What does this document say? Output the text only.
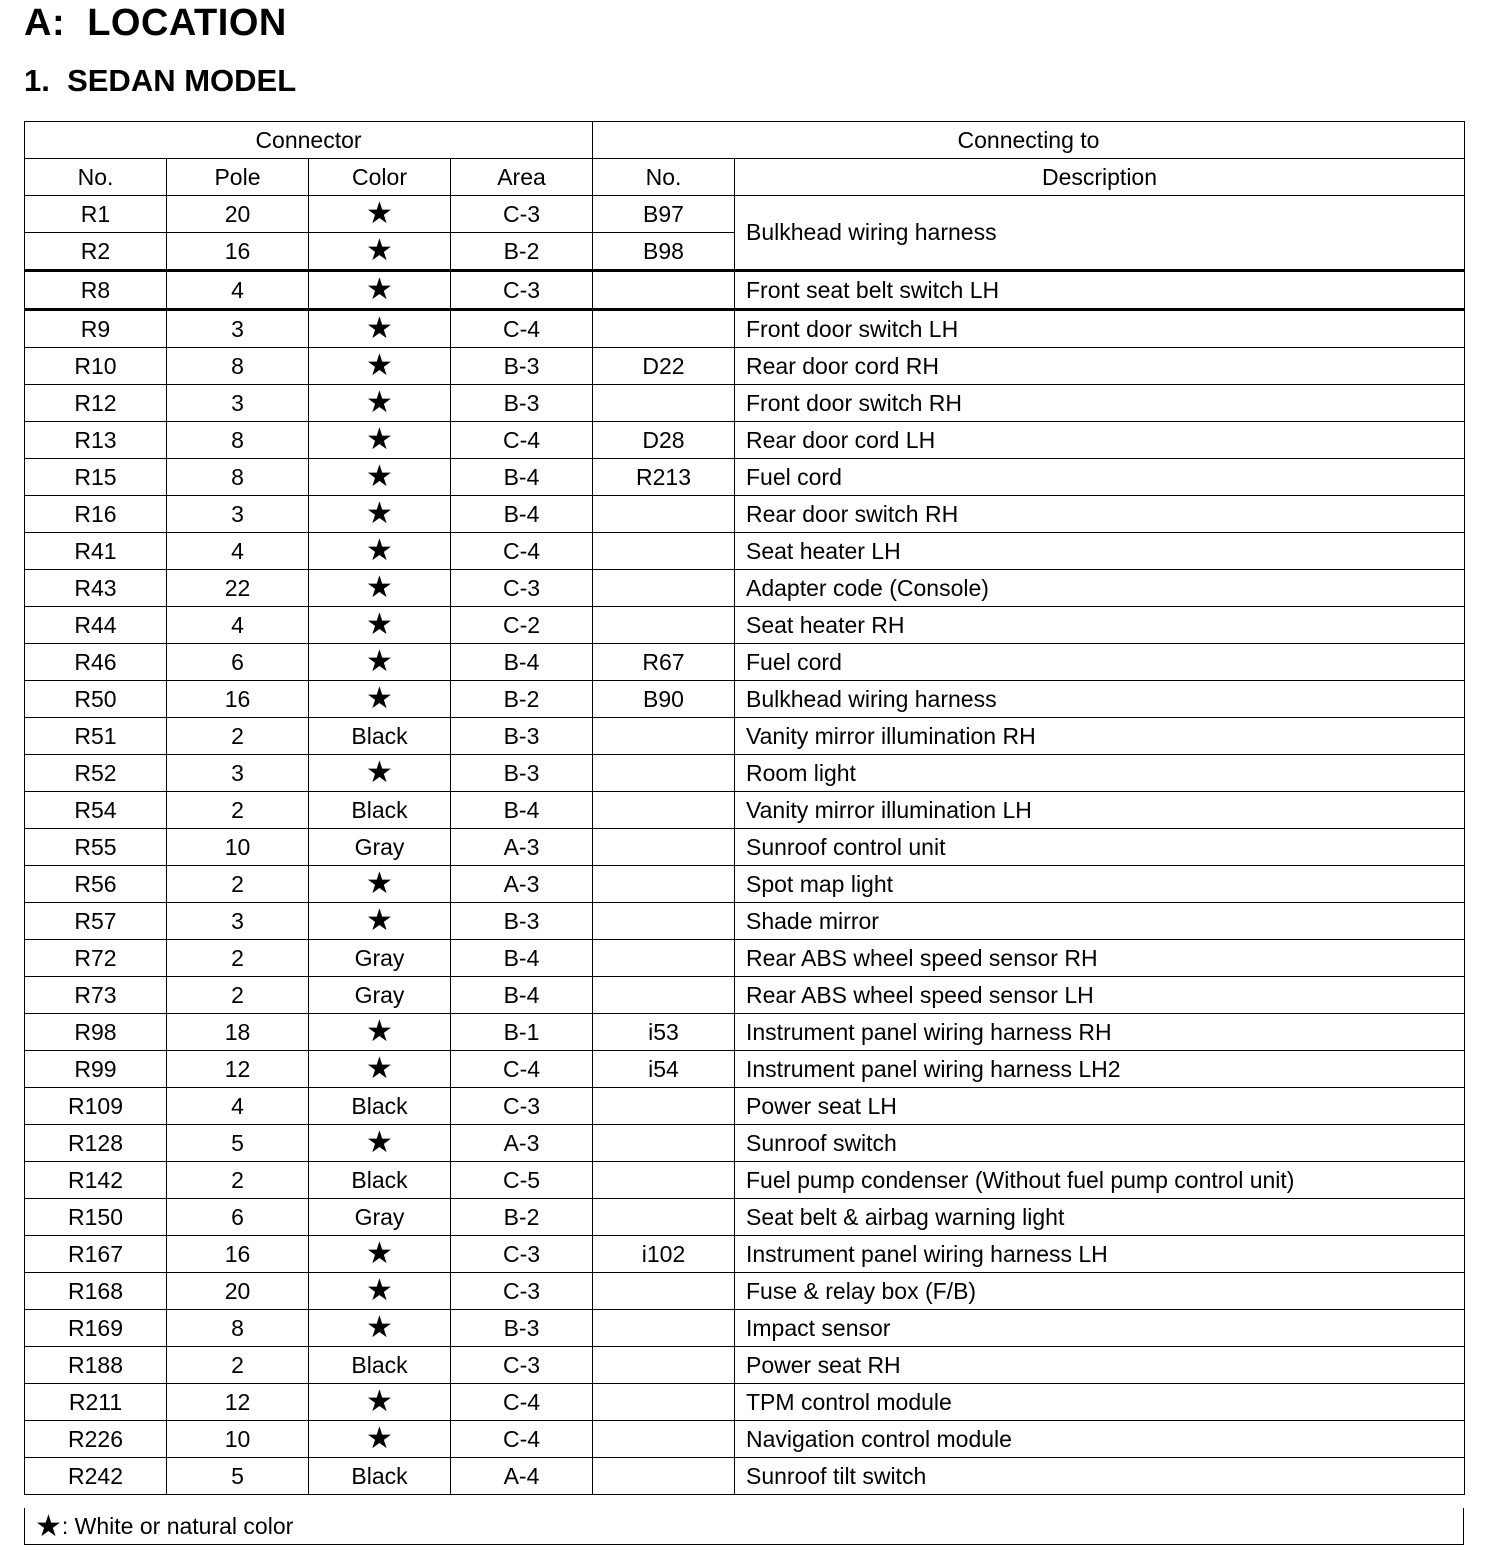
A:  LOCATION
1.  SEDAN MODEL
Connector				Connecting to	
No.	Pole	Color	Area	No.	Description
R1	20	★	C-3	B97	Bulkhead wiring harness
R2	16	★	B-2	B98	
R8	4	★	C-3		Front seat belt switch LH
R9	3	★	C-4		Front door switch LH
R10	8	★	B-3	D22	Rear door cord RH
R12	3	★	B-3		Front door switch RH
R13	8	★	C-4	D28	Rear door cord LH
R15	8	★	B-4	R213	Fuel cord
R16	3	★	B-4		Rear door switch RH
R41	4	★	C-4		Seat heater LH
R43	22	★	C-3		Adapter code (Console)
R44	4	★	C-2		Seat heater RH
R46	6	★	B-4	R67	Fuel cord
R50	16	★	B-2	B90	Bulkhead wiring harness
R51	2	Black	B-3		Vanity mirror illumination RH
R52	3	★	B-3		Room light
R54	2	Black	B-4		Vanity mirror illumination LH
R55	10	Gray	A-3		Sunroof control unit
R56	2	★	A-3		Spot map light
R57	3	★	B-3		Shade mirror
R72	2	Gray	B-4		Rear ABS wheel speed sensor RH
R73	2	Gray	B-4		Rear ABS wheel speed sensor LH
R98	18	★	B-1	i53	Instrument panel wiring harness RH
R99	12	★	C-4	i54	Instrument panel wiring harness LH2
R109	4	Black	C-3		Power seat LH
R128	5	★	A-3		Sunroof switch
R142	2	Black	C-5		Fuel pump condenser (Without fuel pump control unit)
R150	6	Gray	B-2		Seat belt & airbag warning light
R167	16	★	C-3	i102	Instrument panel wiring harness LH
R168	20	★	C-3		Fuse & relay box (F/B)
R169	8	★	B-3		Impact sensor
R188	2	Black	C-3		Power seat RH
R211	12	★	C-4		TPM control module
R226	10	★	C-4		Navigation control module
R242	5	Black	A-4		Sunroof tilt switch
★: White or natural color
